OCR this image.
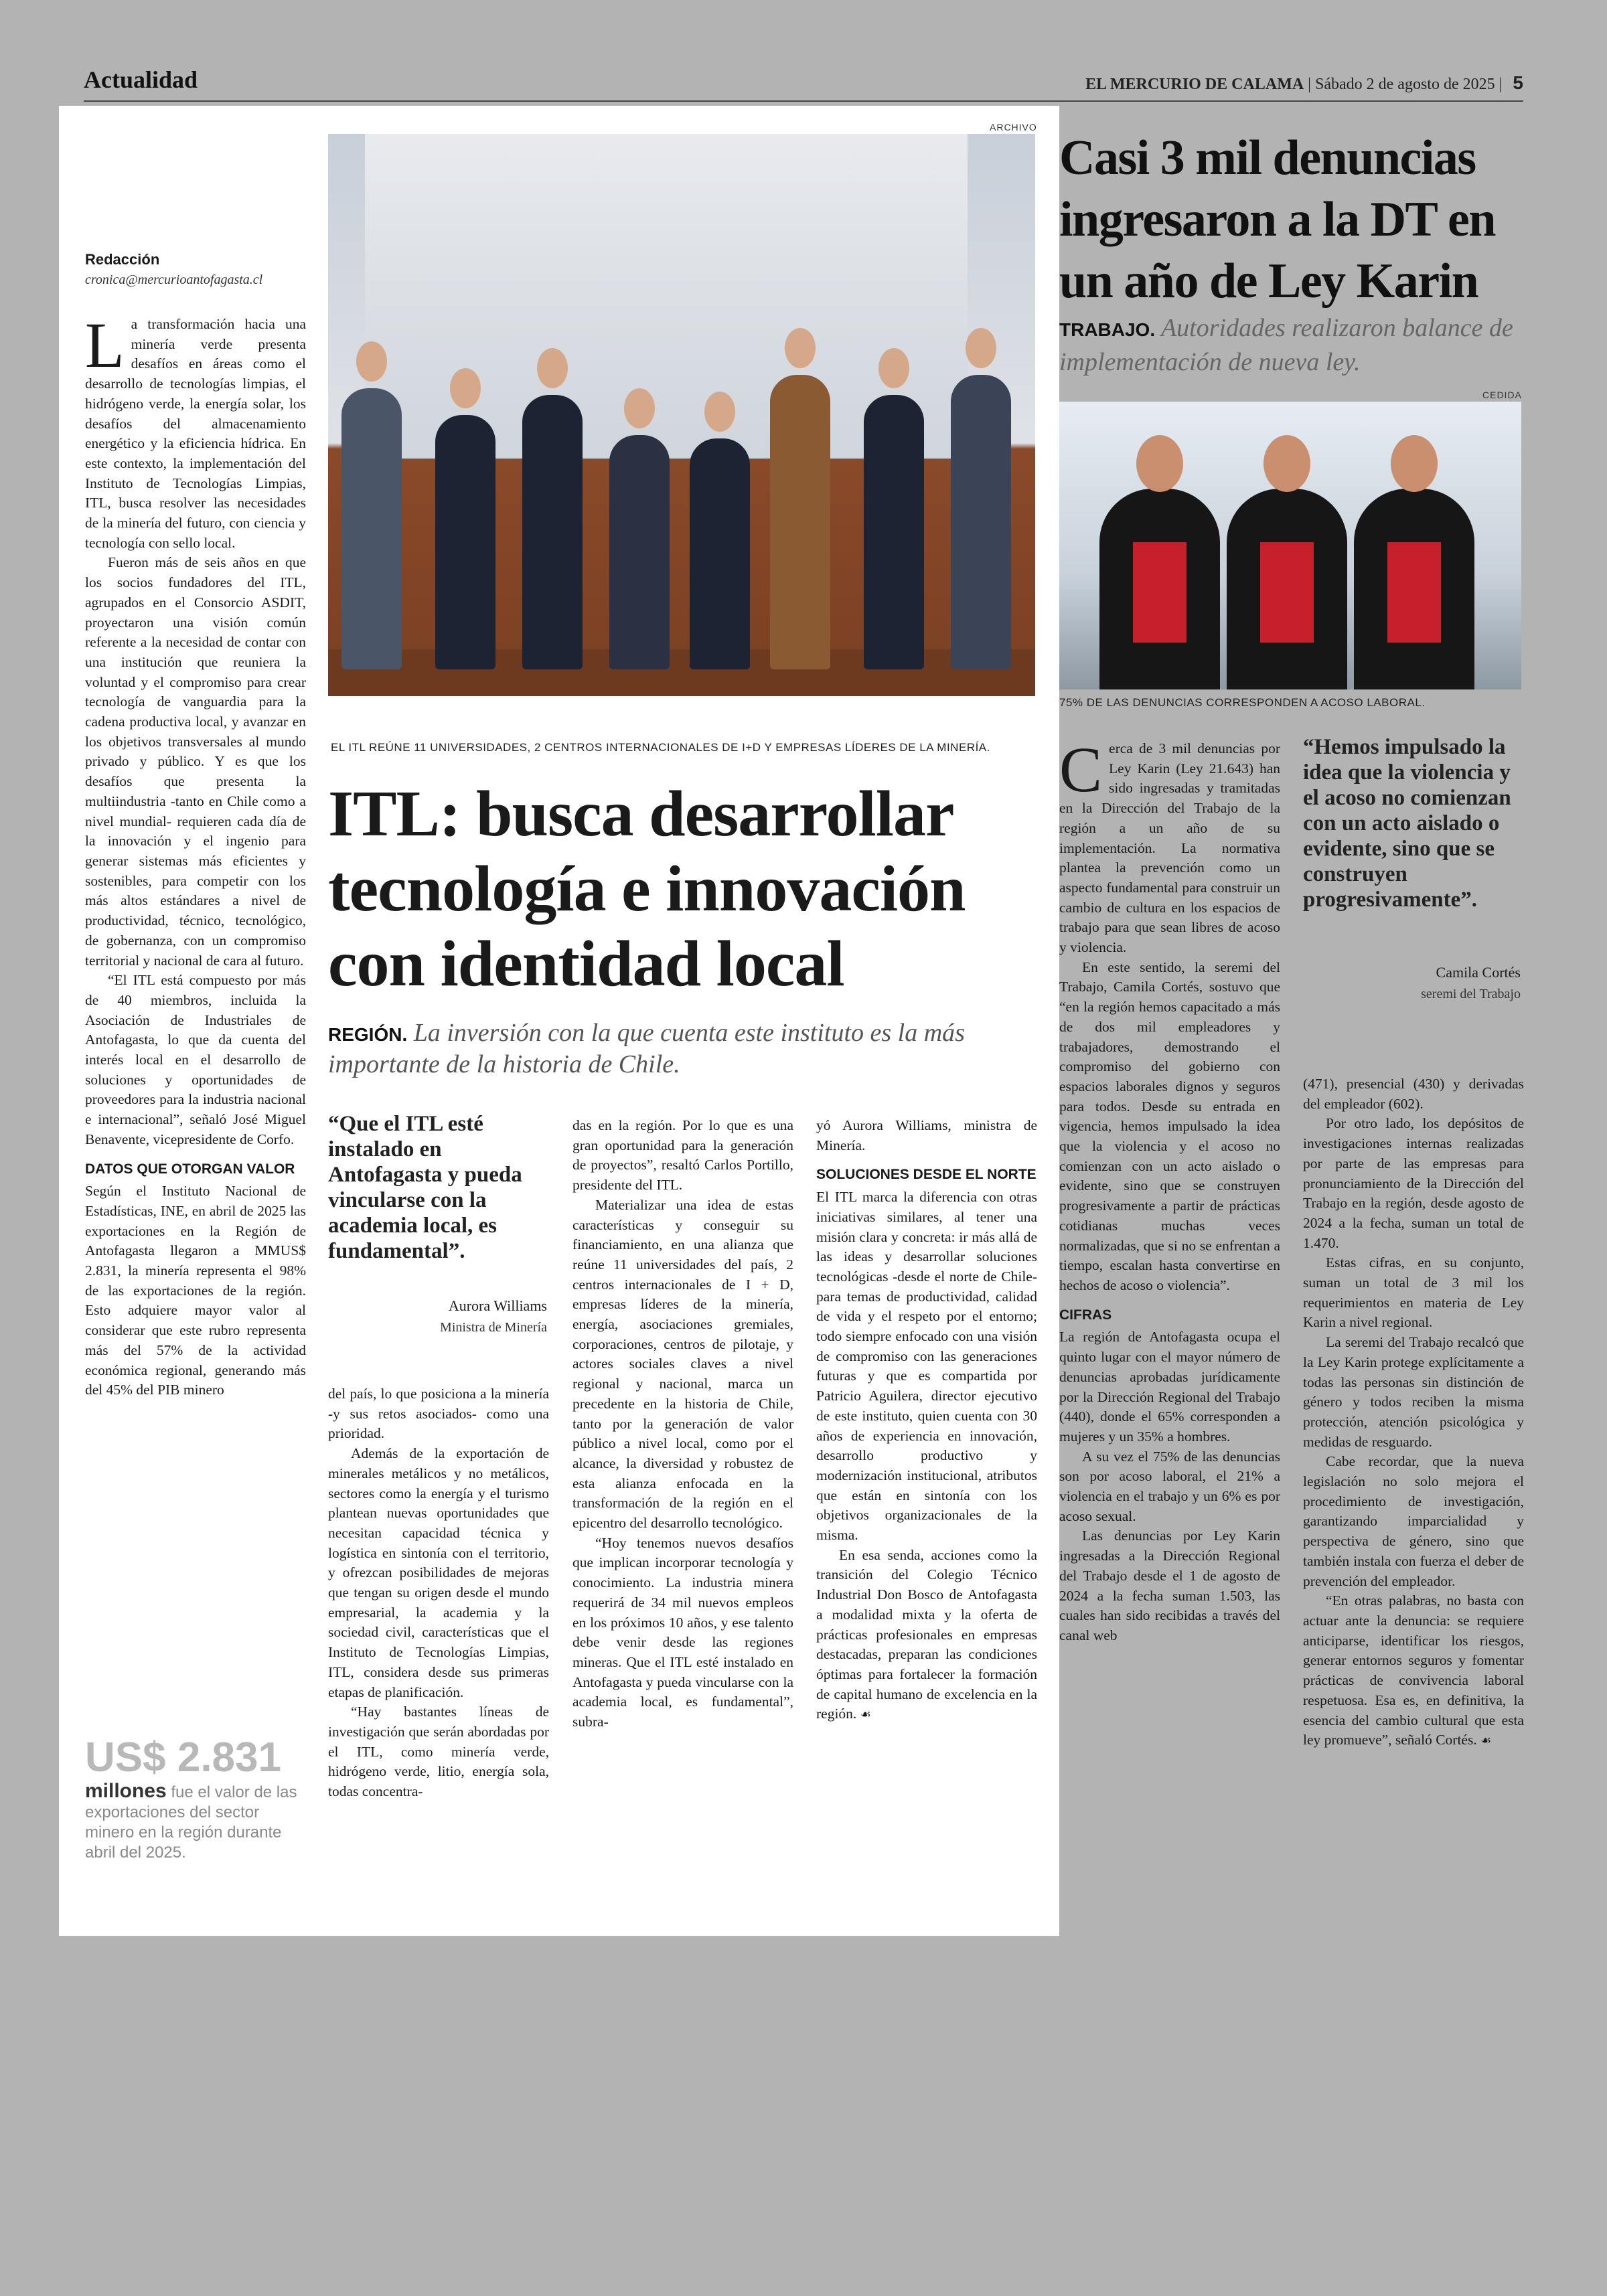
Actualidad	EL MERCURIO DE CALAMA | Sábado 2 de agosto de 2025 | 5
ARCHIVO
EL ITL REÚNE 11 UNIVERSIDADES, 2 CENTROS INTERNACIONALES DE I+D Y EMPRESAS LÍDERES DE LA MINERÍA.
Redacción
cronica@mercurioantofagasta.cl

La transformación hacia una minería verde presenta desafíos en áreas como el desarrollo de tecnologías limpias, el hidrógeno verde, la energía solar, los desafíos del almacenamiento energético y la eficiencia hídrica. En este contexto, la implementación del Instituto de Tecnologías Limpias, ITL, busca resolver las necesidades de la minería del futuro, con ciencia y tecnología con sello local.

Fueron más de seis años en que los socios fundadores del ITL, agrupados en el Consorcio ASDIT, proyectaron una visión común referente a la necesidad de contar con una institución que reuniera la voluntad y el compromiso para crear tecnología de vanguardia para la cadena productiva local, y avanzar en los objetivos transversales al mundo privado y público. Y es que los desafíos que presenta la multiindustria -tanto en Chile como a nivel mundial- requieren cada día de la innovación y el ingenio para generar sistemas más eficientes y sostenibles, para competir con los más altos estándares a nivel de productividad, técnico, tecnológico, de gobernanza, con un compromiso territorial y nacional de cara al futuro.

“El ITL está compuesto por más de 40 miembros, incluida la Asociación de Industriales de Antofagasta, lo que da cuenta del interés local en el desarrollo de soluciones y oportunidades de proveedores para la industria nacional e internacional”, señaló José Miguel Benavente, vicepresidente de Corfo.

DATOS QUE OTORGAN VALOR

Según el Instituto Nacional de Estadísticas, INE, en abril de 2025 las exportaciones en la Región de Antofagasta llegaron a MMUS$ 2.831, la minería representa el 98% de las exportaciones de la región. Esto adquiere mayor valor al considerar que este rubro representa más del 57% de la actividad económica regional, generando más del 45% del PIB minero

US$ 2.831
millones fue el valor de las exportaciones del sector minero en la región durante abril del 2025.
ITL: busca desarrollar tecnología e innovación con identidad local
REGIÓN. La inversión con la que cuenta este instituto es la más importante de la historia de Chile.
“Que el ITL esté instalado en Antofagasta y pueda vincularse con la academia local, es fundamental”.
Aurora Williams
Ministra de Minería

del país, lo que posiciona a la minería -y sus retos asociados- como una prioridad.

Además de la exportación de minerales metálicos y no metálicos, sectores como la energía y el turismo plantean nuevas oportunidades que necesitan capacidad técnica y logística en sintonía con el territorio, y ofrezcan posibilidades de mejoras que tengan su origen desde el mundo empresarial, la academia y la sociedad civil, características que el Instituto de Tecnologías Limpias, ITL, considera desde sus primeras etapas de planificación.

“Hay bastantes líneas de investigación que serán abordadas por el ITL, como minería verde, hidrógeno verde, litio, energía sola, todas concentra-

das en la región. Por lo que es una gran oportunidad para la generación de proyectos”, resaltó Carlos Portillo, presidente del ITL.

Materializar una idea de estas características y conseguir su financiamiento, en una alianza que reúne 11 universidades del país, 2 centros internacionales de I + D, empresas líderes de la minería, energía, asociaciones gremiales, corporaciones, centros de pilotaje, y actores sociales claves a nivel regional y nacional, marca un precedente en la historia de Chile, tanto por la generación de valor público a nivel local, como por el alcance, la diversidad y robustez de esta alianza enfocada en la transformación de la región en el epicentro del desarrollo tecnológico.

“Hoy tenemos nuevos desafíos que implican incorporar tecnología y conocimiento. La industria minera requerirá de 34 mil nuevos empleos en los próximos 10 años, y ese talento debe venir desde las regiones mineras. Que el ITL esté instalado en Antofagasta y pueda vincularse con la academia local, es fundamental”, subra-

yó Aurora Williams, ministra de Minería.

SOLUCIONES DESDE EL NORTE

El ITL marca la diferencia con otras iniciativas similares, al tener una misión clara y concreta: ir más allá de las ideas y desarrollar soluciones tecnológicas -desde el norte de Chile- para temas de productividad, calidad de vida y el respeto por el entorno; todo siempre enfocado con una visión de compromiso con las generaciones futuras y que es compartida por Patricio Aguilera, director ejecutivo de este instituto, quien cuenta con 30 años de experiencia en innovación, desarrollo productivo y modernización institucional, atributos que están en sintonía con los objetivos organizacionales de la misma.

En esa senda, acciones como la transición del Colegio Técnico Industrial Don Bosco de Antofagasta a modalidad mixta y la oferta de prácticas profesionales en empresas destacadas, preparan las condiciones óptimas para fortalecer la formación de capital humano de excelencia en la región. ☙

Casi 3 mil denuncias ingresaron a la DT en un año de Ley Karin
TRABAJO. Autoridades realizaron balance de implementación de nueva ley.
CEDIDA
75% DE LAS DENUNCIAS CORRESPONDEN A ACOSO LABORAL.

Cerca de 3 mil denuncias por Ley Karin (Ley 21.643) han sido ingresadas y tramitadas en la Dirección del Trabajo de la región a un año de su implementación. La normativa plantea la prevención como un aspecto fundamental para construir un cambio de cultura en los espacios de trabajo para que sean libres de acoso y violencia.

En este sentido, la seremi del Trabajo, Camila Cortés, sostuvo que “en la región hemos capacitado a más de dos mil empleadores y trabajadores, demostrando el compromiso del gobierno con espacios laborales dignos y seguros para todos. Desde su entrada en vigencia, hemos impulsado la idea que la violencia y el acoso no comienzan con un acto aislado o evidente, sino que se construyen progresivamente a partir de prácticas cotidianas muchas veces normalizadas, que si no se enfrentan a tiempo, escalan hasta convertirse en hechos de acoso o violencia”.

CIFRAS

La región de Antofagasta ocupa el quinto lugar con el mayor número de denuncias aprobadas jurídicamente por la Dirección Regional del Trabajo (440), donde el 65% corresponden a mujeres y un 35% a hombres.

A su vez el 75% de las denuncias son por acoso laboral, el 21% a violencia en el trabajo y un 6% es por acoso sexual.

Las denuncias por Ley Karin ingresadas a la Dirección Regional del Trabajo desde el 1 de agosto de 2024 a la fecha suman 1.503, las cuales han sido recibidas a través del canal web

“Hemos impulsado la idea que la violencia y el acoso no comienzan con un acto aislado o evidente, sino que se construyen progresivamente”.
Camila Cortés
seremi del Trabajo

(471), presencial (430) y derivadas del empleador (602).

Por otro lado, los depósitos de investigaciones internas realizadas por parte de las empresas para pronunciamiento de la Dirección del Trabajo en la región, desde agosto de 2024 a la fecha, suman un total de 1.470.

Estas cifras, en su conjunto, suman un total de 3 mil los requerimientos en materia de Ley Karin a nivel regional.

La seremi del Trabajo recalcó que la Ley Karin protege explícitamente a todas las personas sin distinción de género y todos reciben la misma protección, atención psicológica y medidas de resguardo.

Cabe recordar, que la nueva legislación no solo mejora el procedimiento de investigación, garantizando imparcialidad y perspectiva de género, sino que también instala con fuerza el deber de prevención del empleador.

“En otras palabras, no basta con actuar ante la denuncia: se requiere anticiparse, identificar los riesgos, generar entornos seguros y fomentar prácticas de convivencia laboral respetuosa. Esa es, en definitiva, la esencia del cambio cultural que esta ley promueve”, señaló Cortés. ☙
